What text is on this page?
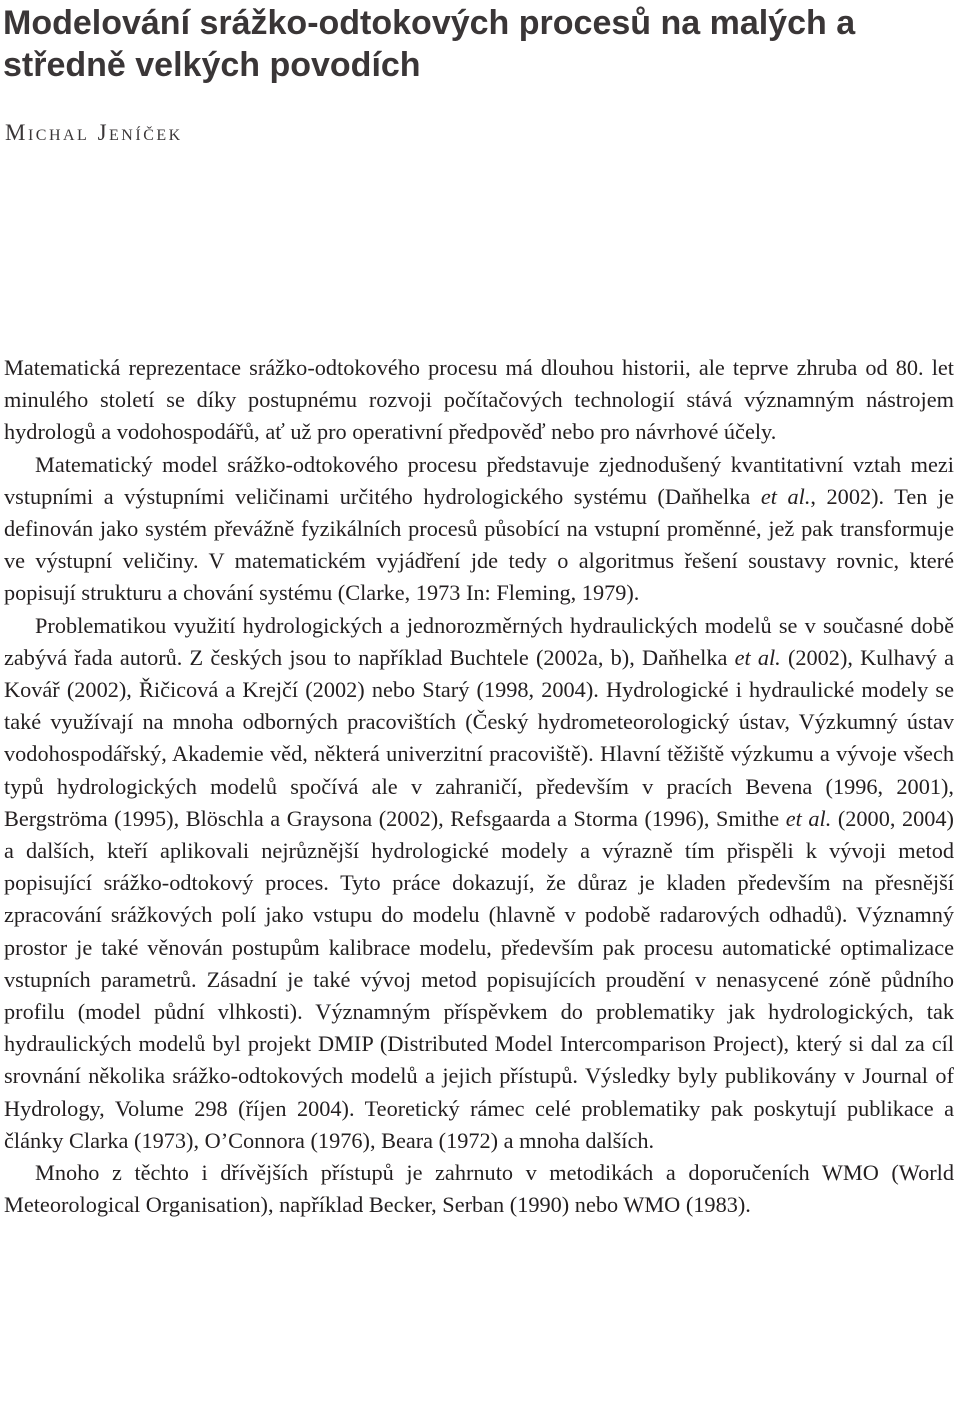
Modelování srážko-odtokových procesů na malých a středně velkých povodích
Michal Jeníček

Matematická reprezentace srážko-odtokového procesu má dlouhou historii, ale teprve zhruba od 80. let minulého století se díky postupnému rozvoji počítačových technologií stává významným nástrojem hydrologů a vodohospodářů, ať už pro operativní předpověď nebo pro návrhové účely.

Matematický model srážko-odtokového procesu představuje zjednodušený kvantitativní vztah mezi vstupními a výstupními veličinami určitého hydrologického systému (Daňhelka et al., 2002). Ten je definován jako systém převážně fyzikálních procesů působící na vstupní proměnné, jež pak transformuje ve výstupní veličiny. V matematickém vyjádření jde tedy o algoritmus řešení soustavy rovnic, které popisují strukturu a chování systému (Clarke, 1973 In: Fleming, 1979).

Problematikou využití hydrologických a jednorozměrných hydraulických modelů se v současné době zabývá řada autorů. Z českých jsou to například Buchtele (2002a, b), Daňhelka et al. (2002), Kulhavý a Kovář (2002), Řičicová a Krejčí (2002) nebo Starý (1998, 2004). Hydrologické i hydraulické modely se také využívají na mnoha odborných pracovištích (Český hydrometeorologický ústav, Výzkumný ústav vodohospodářský, Akademie věd, některá univerzitní pracoviště). Hlavní těžiště výzkumu a vývoje všech typů hydrologických modelů spočívá ale v zahraničí, především v pracích Bevena (1996, 2001), Bergströma (1995), Blöschla a Graysona (2002), Refsgaarda a Storma (1996), Smithe et al. (2000, 2004) a dalších, kteří aplikovali nejrůznější hydrologické modely a výrazně tím přispěli k vývoji metod popisující srážko-odtokový proces. Tyto práce dokazují, že důraz je kladen především na přesnější zpracování srážkových polí jako vstupu do modelu (hlavně v podobě radarových odhadů). Významný prostor je také věnován postupům kalibrace modelu, především pak procesu automatické optimalizace vstupních parametrů. Zásadní je také vývoj metod popisujících proudění v nenasycené zóně půdního profilu (model půdní vlhkosti). Významným příspěvkem do problematiky jak hydrologických, tak hydraulických modelů byl projekt DMIP (Distributed Model Intercomparison Project), který si dal za cíl srovnání několika srážko-odtokových modelů a jejich přístupů. Výsledky byly publikovány v Journal of Hydrology, Volume 298 (říjen 2004). Teoretický rámec celé problematiky pak poskytují publikace a články Clarka (1973), O’Connora (1976), Beara (1972) a mnoha dalších.

Mnoho z těchto i dřívějších přístupů je zahrnuto v metodikách a doporučeních WMO (World Meteorological Organisation), například Becker, Serban (1990) nebo WMO (1983).
